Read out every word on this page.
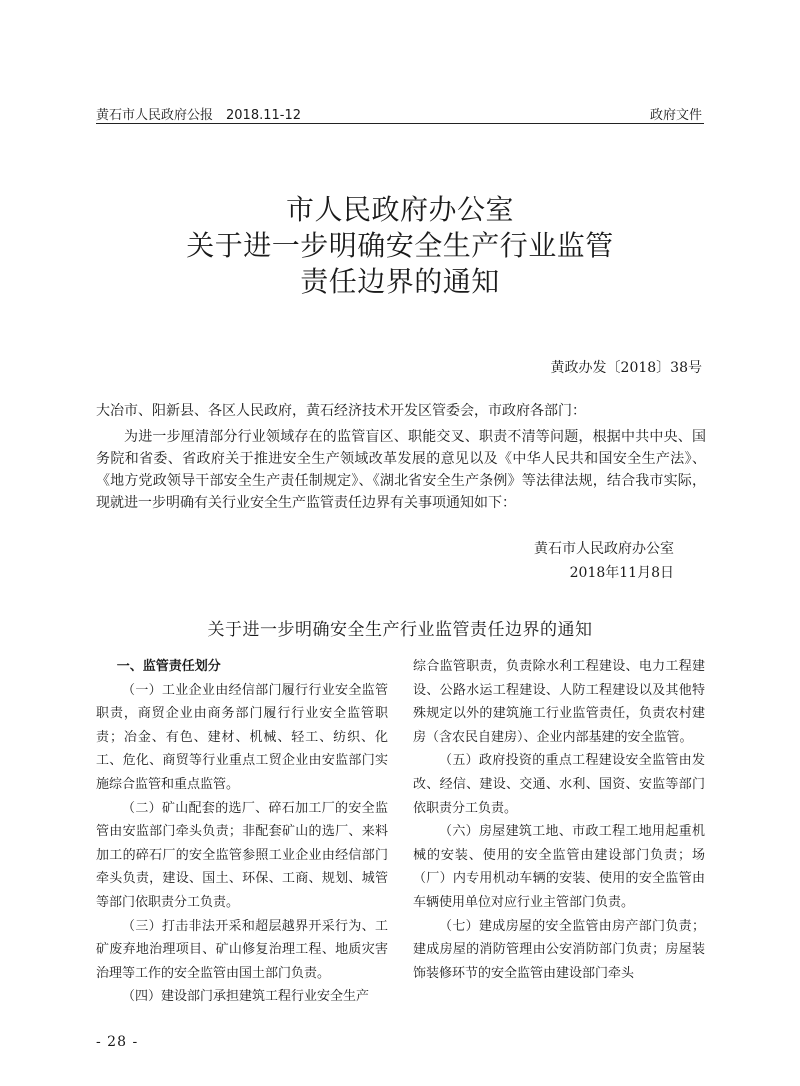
黄石市人民政府公报　2018.11-12	政府文件
市人民政府办公室
关于进一步明确安全生产行业监管
责任边界的通知
黄政办发〔2018〕38号
大冶市、阳新县、各区人民政府，黄石经济技术开发区管委会，市政府各部门：
为进一步厘清部分行业领域存在的监管盲区、职能交叉、职责不清等问题，根据中共中央、国务院和省委、省政府关于推进安全生产领域改革发展的意见以及《中华人民共和国安全生产法》、《地方党政领导干部安全生产责任制规定》、《湖北省安全生产条例》等法律法规，结合我市实际，现就进一步明确有关行业安全生产监管责任边界有关事项通知如下：
黄石市人民政府办公室
2018年11月8日
关于进一步明确安全生产行业监管责任边界的通知

一、监管责任划分

（一）工业企业由经信部门履行行业安全监管职责，商贸企业由商务部门履行行业安全监管职责；冶金、有色、建材、机械、轻工、纺织、化工、危化、商贸等行业重点工贸企业由安监部门实施综合监管和重点监管。

（二）矿山配套的选厂、碎石加工厂的安全监管由安监部门牵头负责；非配套矿山的选厂、来料加工的碎石厂的安全监管参照工业企业由经信部门牵头负责，建设、国土、环保、工商、规划、城管等部门依职责分工负责。

（三）打击非法开采和超层越界开采行为、工矿废弃地治理项目、矿山修复治理工程、地质灾害治理等工作的安全监管由国土部门负责。

（四）建设部门承担建筑工程行业安全生产

综合监管职责，负责除水利工程建设、电力工程建设、公路水运工程建设、人防工程建设以及其他特殊规定以外的建筑施工行业监管责任，负责农村建房（含农民自建房）、企业内部基建的安全监管。

（五）政府投资的重点工程建设安全监管由发改、经信、建设、交通、水利、国资、安监等部门依职责分工负责。

（六）房屋建筑工地、市政工程工地用起重机械的安装、使用的安全监管由建设部门负责；场（厂）内专用机动车辆的安装、使用的安全监管由车辆使用单位对应行业主管部门负责。

（七）建成房屋的安全监管由房产部门负责；建成房屋的消防管理由公安消防部门负责；房屋装饰装修环节的安全监管由建设部门牵头

- 28 -
